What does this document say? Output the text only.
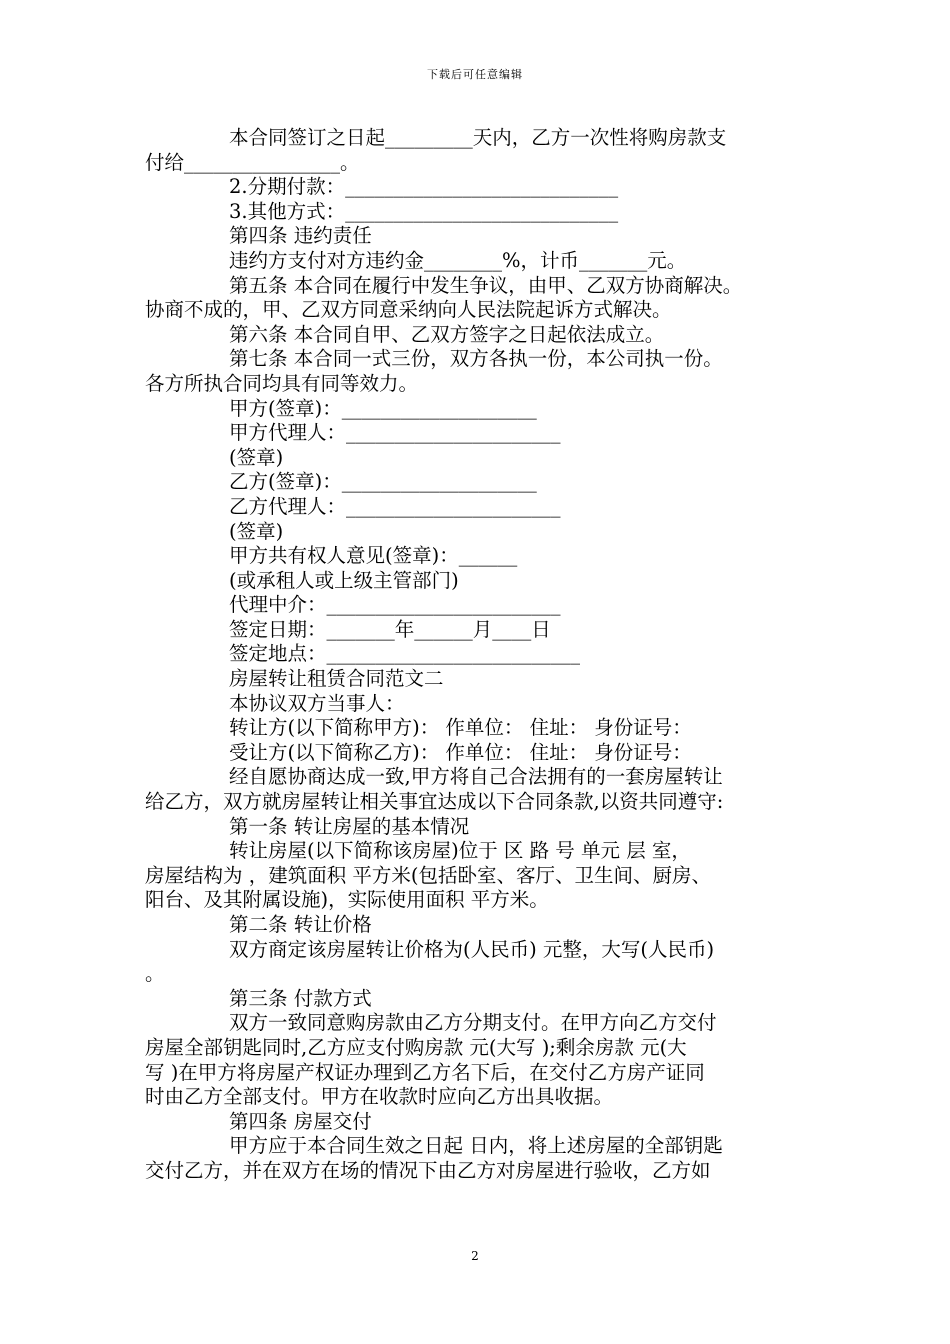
下载后可任意编辑
本合同签订之日起_________天内，乙方一次性将购房款支
付给________________。
2.分期付款：____________________________
3.其他方式：____________________________
第四条 违约责任
违约方支付对方违约金________%，计币_______元。
第五条 本合同在履行中发生争议，由甲、乙双方协商解决。
协商不成的，甲、乙双方同意采纳向人民法院起诉方式解决。
第六条 本合同自甲、乙双方签字之日起依法成立。
第七条 本合同一式三份，双方各执一份，本公司执一份。
各方所执合同均具有同等效力。
甲方(签章)：____________________
甲方代理人：______________________
(签章)
乙方(签章)：____________________
乙方代理人：______________________
(签章)
甲方共有权人意见(签章)：______
(或承租人或上级主管部门)
代理中介：________________________
签定日期：_______年______月____日
签定地点：__________________________
房屋转让租赁合同范文二
本协议双方当事人：
转让方(以下简称甲方)： 作单位： 住址： 身份证号：
受让方(以下简称乙方)： 作单位： 住址： 身份证号：
经自愿协商达成一致,甲方将自己合法拥有的一套房屋转让
给乙方，双方就房屋转让相关事宜达成以下合同条款,以资共同遵守:
第一条 转让房屋的基本情况
转让房屋(以下简称该房屋)位于 区 路 号 单元 层 室，
房屋结构为 ，建筑面积 平方米(包括卧室、客厅、卫生间、厨房、
阳台、及其附属设施)，实际使用面积 平方米。
第二条 转让价格
双方商定该房屋转让价格为(人民币) 元整，大写(人民币)
。
第三条 付款方式
双方一致同意购房款由乙方分期支付。在甲方向乙方交付
房屋全部钥匙同时,乙方应支付购房款 元(大写 );剩余房款 元(大
写 )在甲方将房屋产权证办理到乙方名下后，在交付乙方房产证同
时由乙方全部支付。甲方在收款时应向乙方出具收据。
第四条 房屋交付
甲方应于本合同生效之日起 日内，将上述房屋的全部钥匙
交付乙方，并在双方在场的情况下由乙方对房屋进行验收，乙方如
2
